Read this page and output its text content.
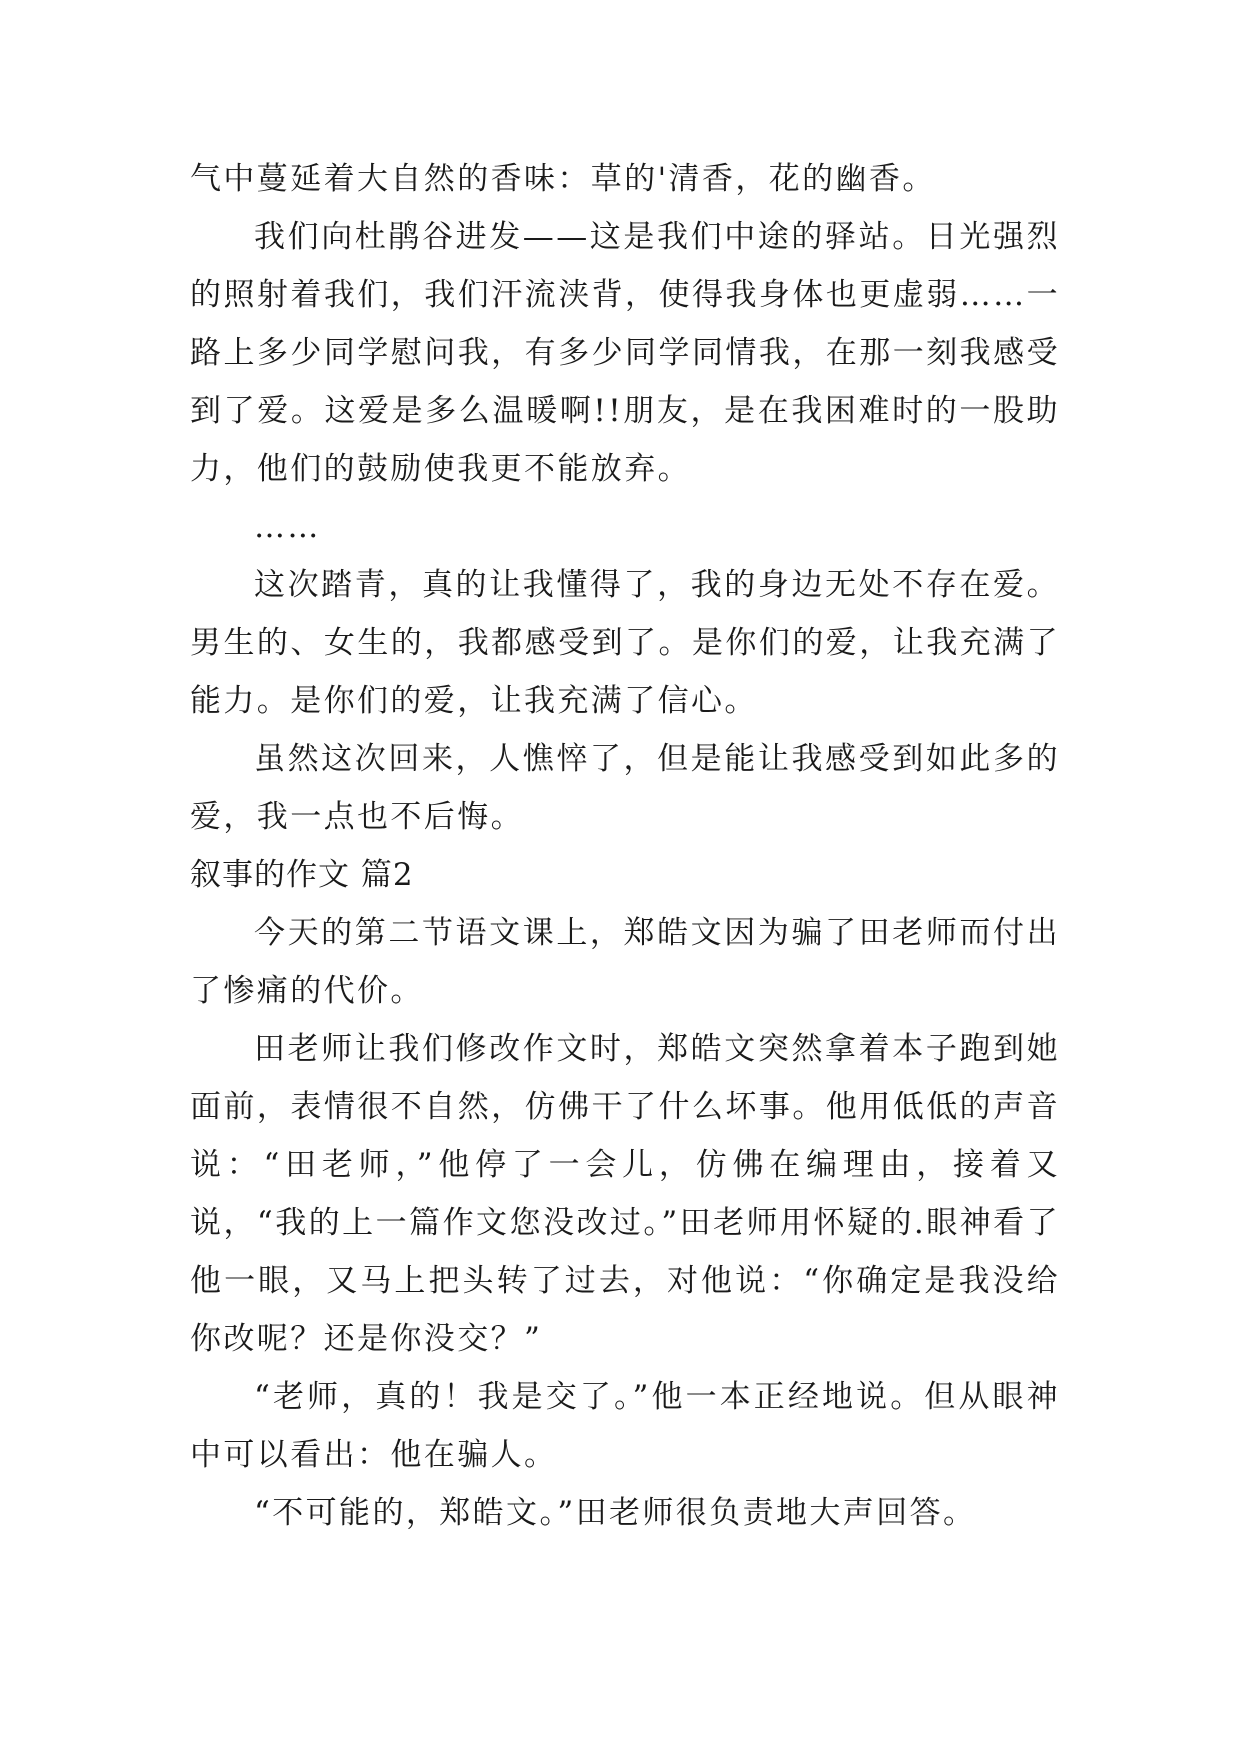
气中蔓延着大自然的香味：草的'清香，花的幽香。

我们向杜鹃谷进发——这是我们中途的驿站。日光强烈的照射着我们，我们汗流浃背，使得我身体也更虚弱……一路上多少同学慰问我，有多少同学同情我，在那一刻我感受到了爱。这爱是多么温暖啊!!朋友，是在我困难时的一股助力，他们的鼓励使我更不能放弃。

……

这次踏青，真的让我懂得了，我的身边无处不存在爱。男生的、女生的，我都感受到了。是你们的爱，让我充满了能力。是你们的爱，让我充满了信心。

虽然这次回来，人憔悴了，但是能让我感受到如此多的爱，我一点也不后悔。

叙事的作文 篇2

今天的第二节语文课上，郑皓文因为骗了田老师而付出了惨痛的代价。

田老师让我们修改作文时，郑皓文突然拿着本子跑到她面前，表情很不自然，仿佛干了什么坏事。他用低低的声音说：“田老师，”他停了一会儿，仿佛在编理由，接着又说，“我的上一篇作文您没改过。”田老师用怀疑的.眼神看了他一眼，又马上把头转了过去，对他说：“你确定是我没给你改呢？还是你没交？”

“老师，真的！我是交了。”他一本正经地说。但从眼神中可以看出：他在骗人。

“不可能的，郑皓文。”田老师很负责地大声回答。
